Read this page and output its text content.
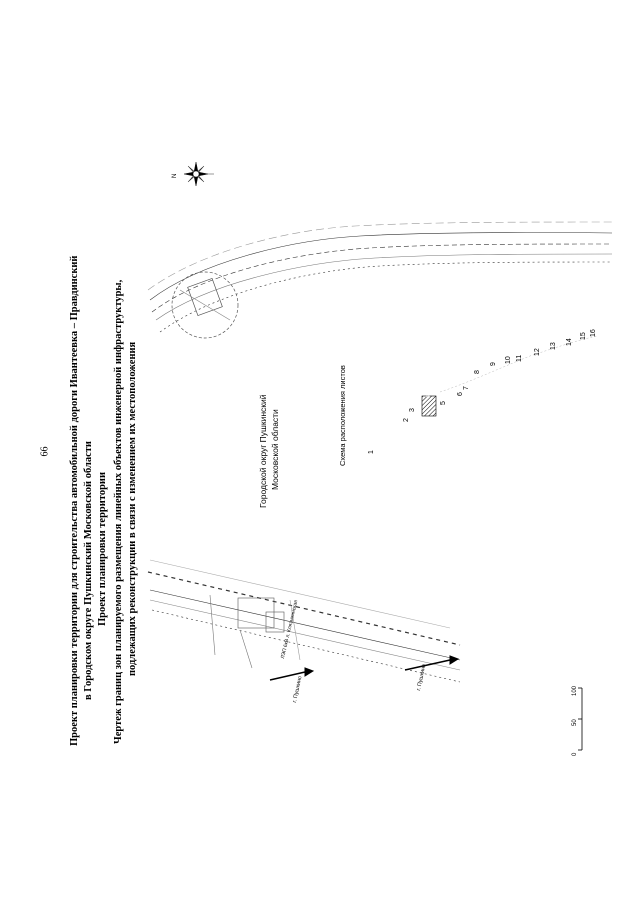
66 Проект планировки территории для строительства автомобильной дороги Ивантеевка – Правдинский в Городском округе Пушкинский Московской области Проект планировки территории Чертеж границ зон планируемого размещения линейных объектов инженерной инфраструктуры, подлежащих реконструкции в связи с изменением их местоположения	Городской округ Пушкинский Московской области	Схема расположения листов
N
г. Пушкино	г. Пушкино
ЛЭП 6кВ л. Клязьминская
0
50
100
1
2
3
5
6
7
8
9
10 11
12
13
14
15 16
4
